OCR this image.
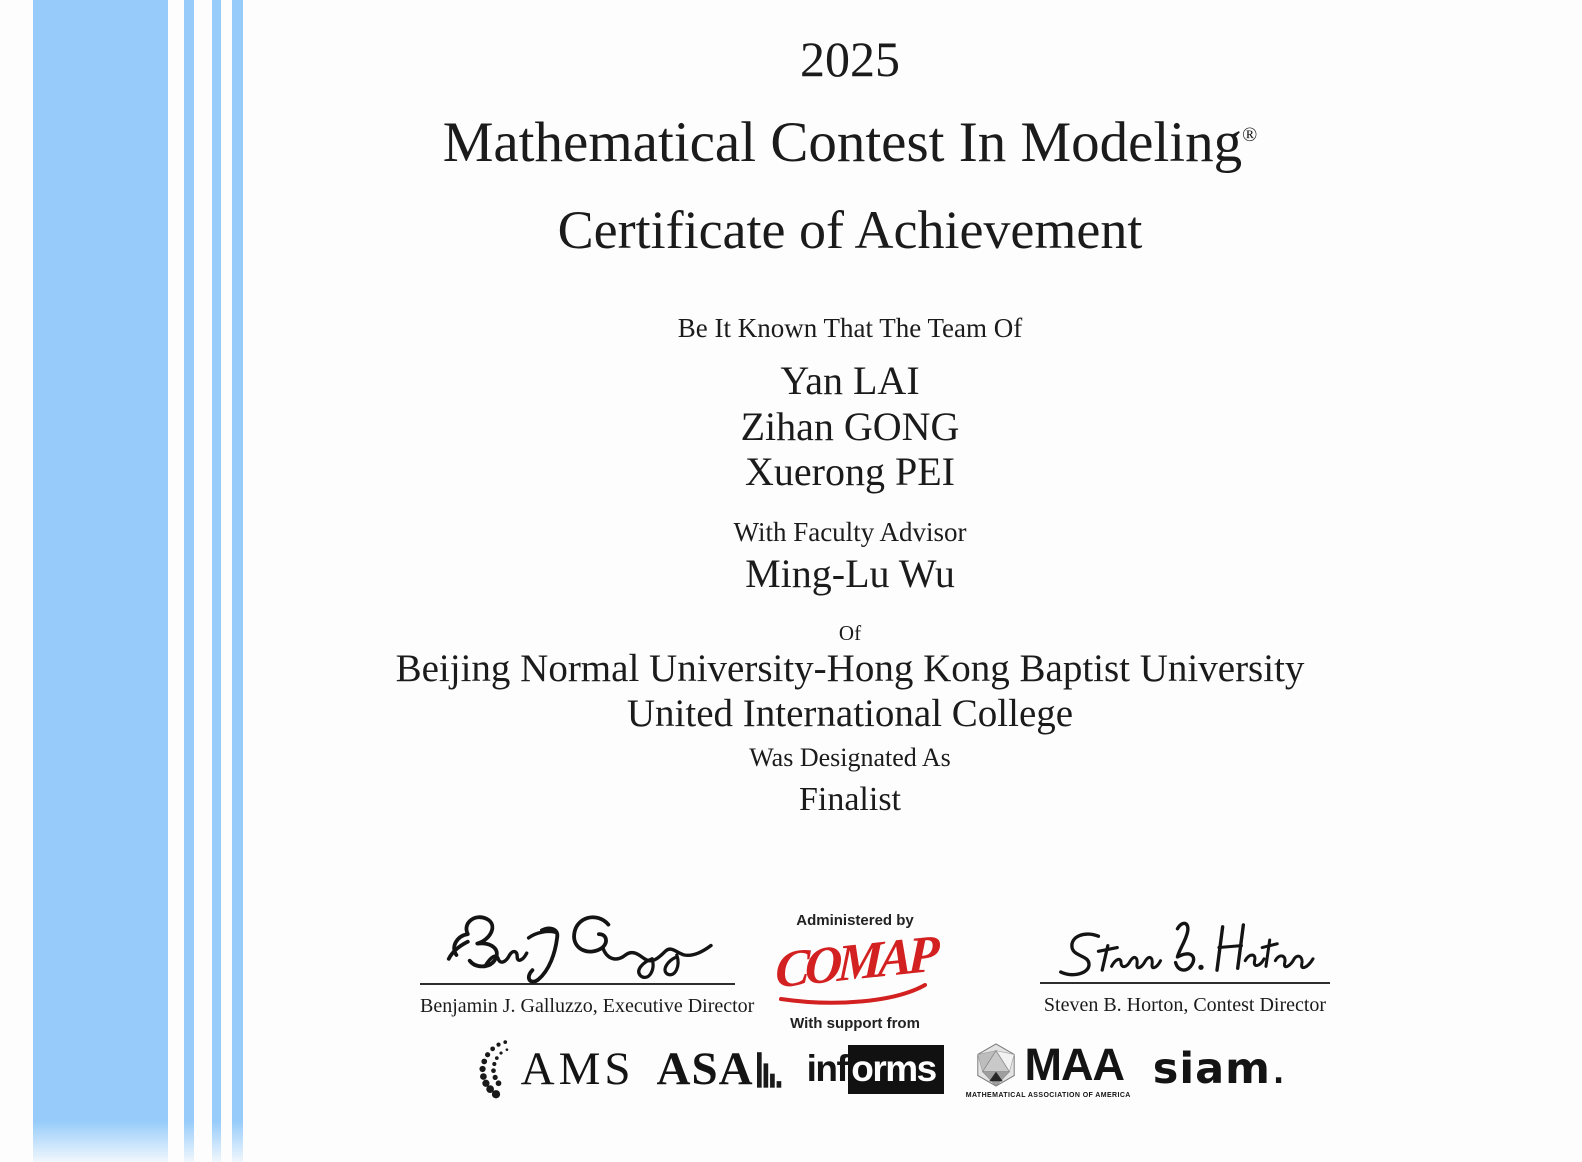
2025
Mathematical Contest In Modeling®
Certificate of Achievement
Be It Known That The Team Of
Yan LAI
Zihan GONG
Xuerong PEI
With Faculty Advisor
Ming-Lu Wu
Of
Beijing Normal University-Hong Kong Baptist University
United International College
Was Designated As
Finalist
Benjamin J. Galluzzo, Executive Director
Administered by
COMAP
With support from
Steven B. Horton, Contest Director
AMS ASA inf orms MAA
MATHEMATICAL ASSOCIATION OF AMERICA
siam .
